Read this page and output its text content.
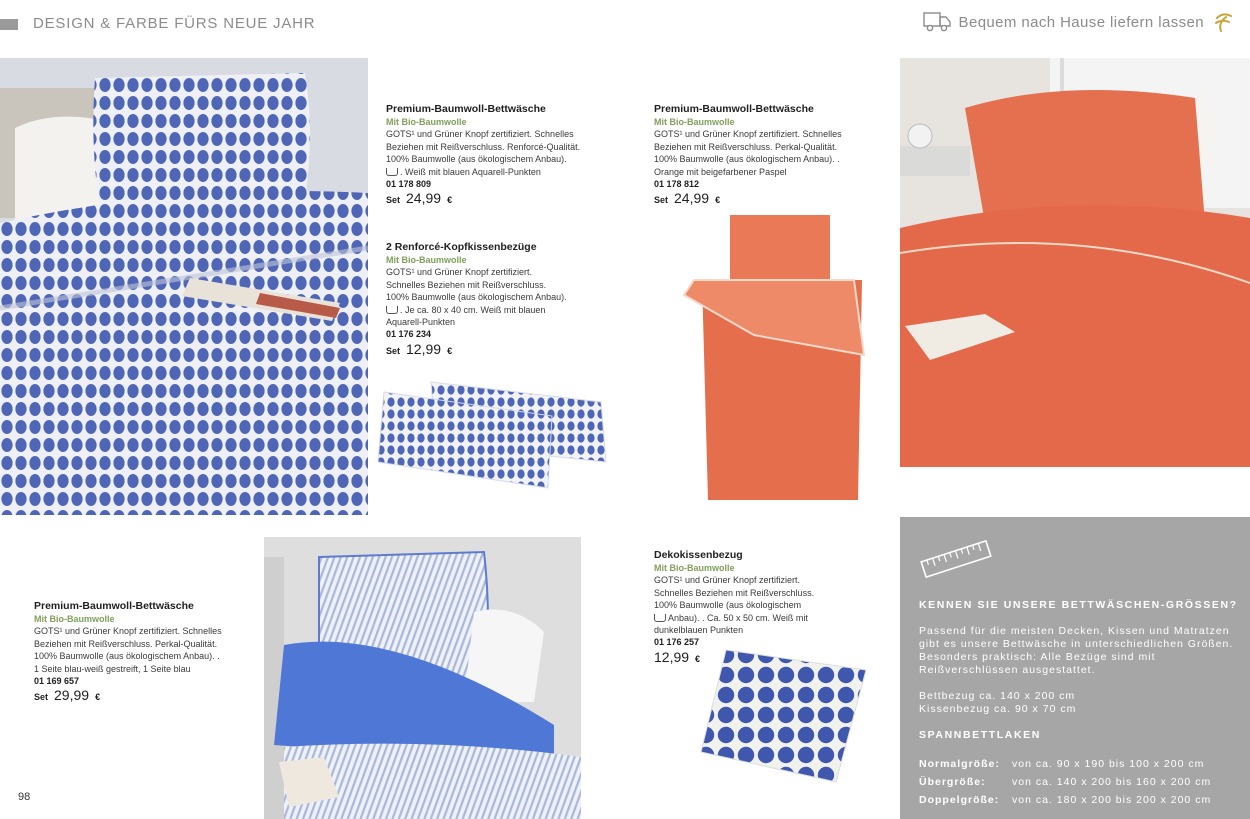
DESIGN & FARBE FÜRS NEUE JAHR	Bequem nach Hause liefern lassen
Premium-Baumwoll-Bettwäsche
Mit Bio-Baumwolle
GOTS¹ und Grüner Knopf zertifiziert. Schnelles
Beziehen mit Reißverschluss. Renforcé-Qualität.
100% Baumwolle (aus ökologischem Anbau).
. Weiß mit blauen Aquarell-Punkten
01 178 809
Set 24,99 €
Premium-Baumwoll-Bettwäsche
Mit Bio-Baumwolle
GOTS¹ und Grüner Knopf zertifiziert. Schnelles
Beziehen mit Reißverschluss. Perkal-Qualität.
100% Baumwolle (aus ökologischem Anbau). .
Orange mit beigefarbener Paspel
01 178 812
Set 24,99 €
2 Renforcé-Kopfkissenbezüge
Mit Bio-Baumwolle
GOTS¹ und Grüner Knopf zertifiziert.
Schnelles Beziehen mit Reißverschluss.
100% Baumwolle (aus ökologischem Anbau).
. Je ca. 80 x 40 cm. Weiß mit blauen
Aquarell-Punkten
01 176 234
Set 12,99 €
Dekokissenbezug
Mit Bio-Baumwolle
GOTS¹ und Grüner Knopf zertifiziert.
Schnelles Beziehen mit Reißverschluss.
100% Baumwolle (aus ökologischem
Anbau). . Ca. 50 x 50 cm. Weiß mit
dunkelblauen Punkten
01 176 257
12,99 €
Premium-Baumwoll-Bettwäsche
Mit Bio-Baumwolle
GOTS¹ und Grüner Knopf zertifiziert. Schnelles
Beziehen mit Reißverschluss. Perkal-Qualität.
100% Baumwolle (aus ökologischem Anbau). .
1 Seite blau-weiß gestreift, 1 Seite blau
01 169 657
Set 29,99 €
KENNEN SIE UNSERE BETTWÄSCHEN-GRÖSSEN?
Passend für die meisten Decken, Kissen und Matratzen gibt es unsere Bettwäsche in unterschiedlichen Größen. Besonders praktisch: Alle Bezüge sind mit Reißverschlüssen ausgestattet.
Bettbezug ca. 140 x 200 cm
Kissenbezug ca. 90 x 70 cm
SPANNBETTLAKEN
Normalgröße:	von ca. 90 x 190 bis 100 x 200 cm
Übergröße:	von ca. 140 x 200 bis 160 x 200 cm
Doppelgröße:	von ca. 180 x 200 bis 200 x 200 cm
98
